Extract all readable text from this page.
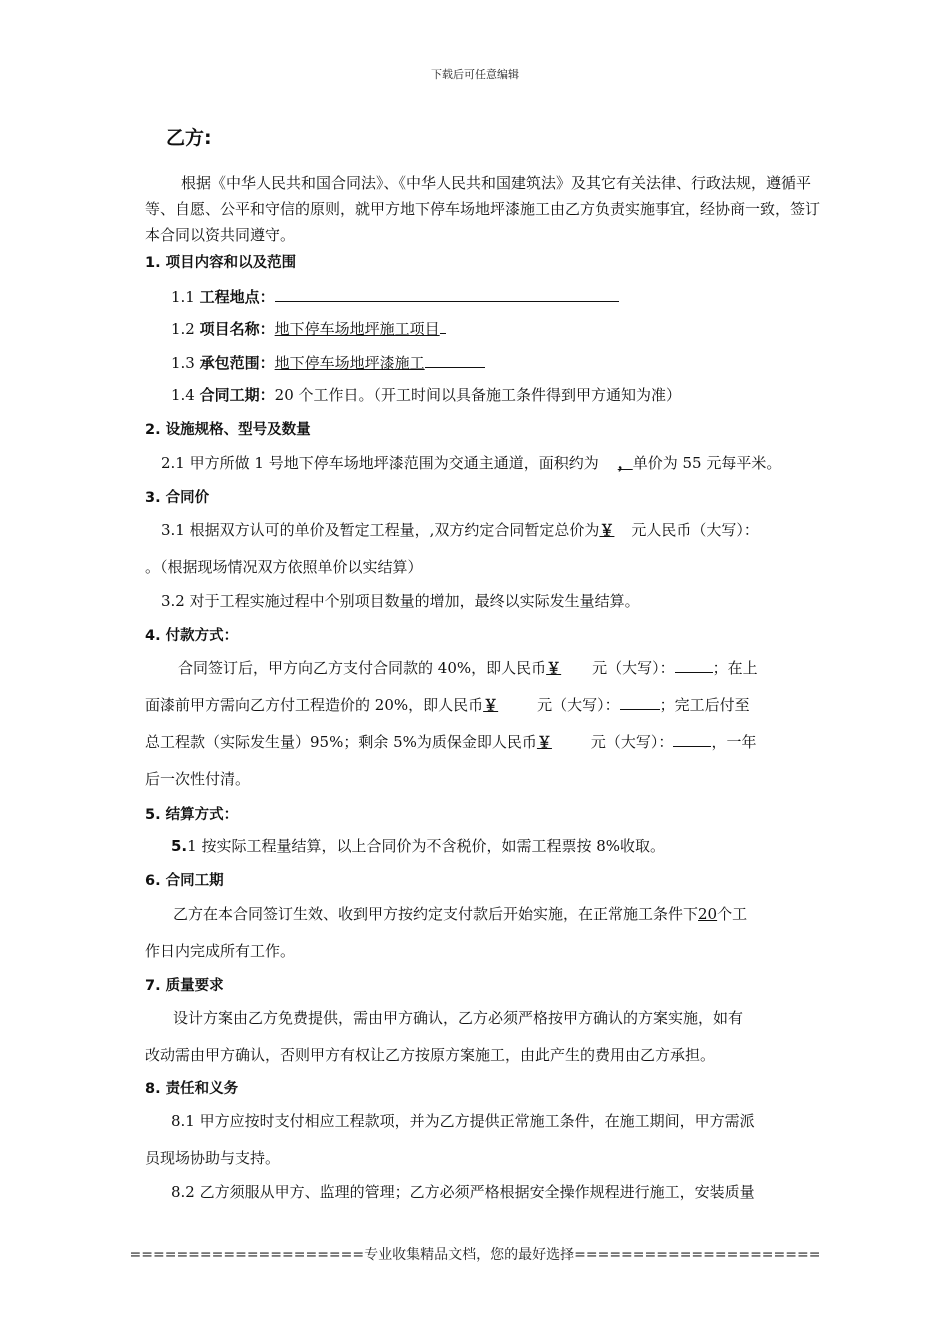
下载后可任意编辑
乙方:
根据《中华人民共和国合同法》、《中华人民共和国建筑法》及其它有关法律、行政法规，遵循平等、自愿、公平和守信的原则，就甲方地下停车场地坪漆施工由乙方负责实施事宜，经协商一致，签订本合同以资共同遵守。
1. 项目内容和以及范围
1.1 工程地点：
1.2 项目名称：地下停车场地坪施工项目
1.3 承包范围：地下停车场地坪漆施工
1.4 合同工期：20 个工作日。（开工时间以具备施工条件得到甲方通知为准）
2. 设施规格、型号及数量
2.1 甲方所做 1 号地下停车场地坪漆范围为交通主通道，面积约为 ，单价为 55 元每平米。
3. 合同价
3.1 根据双方认可的单价及暂定工程量，,双方约定合同暂定总价为￥ 元人民币（大写）：
。（根据现场情况双方依照单价以实结算）
3.2 对于工程实施过程中个别项目数量的增加，最终以实际发生量结算。
4. 付款方式：
合同签订后，甲方向乙方支付合同款的 40%，即人民币￥ 元（大写）：	；在上
面漆前甲方需向乙方付工程造价的 20%，即人民币￥	元（大写）：	；完工后付至
总工程款（实际发生量）95%；剩余 5%为质保金即人民币￥	元（大写）：	，一年
后一次性付清。
5. 结算方式：
5.1 按实际工程量结算，以上合同价为不含税价，如需工程票按 8%收取。
6. 合同工期
乙方在本合同签订生效、收到甲方按约定支付款后开始实施，在正常施工条件下20个工
作日内完成所有工作。
7. 质量要求
设计方案由乙方免费提供，需由甲方确认，乙方必须严格按甲方确认的方案实施，如有
改动需由甲方确认，否则甲方有权让乙方按原方案施工，由此产生的费用由乙方承担。
8. 责任和义务
8.1 甲方应按时支付相应工程款项，并为乙方提供正常施工条件，在施工期间，甲方需派
员现场协助与支持。
8.2 乙方须服从甲方、监理的管理；乙方必须严格根据安全操作规程进行施工，安装质量
====================专业收集精品文档，您的最好选择=====================
